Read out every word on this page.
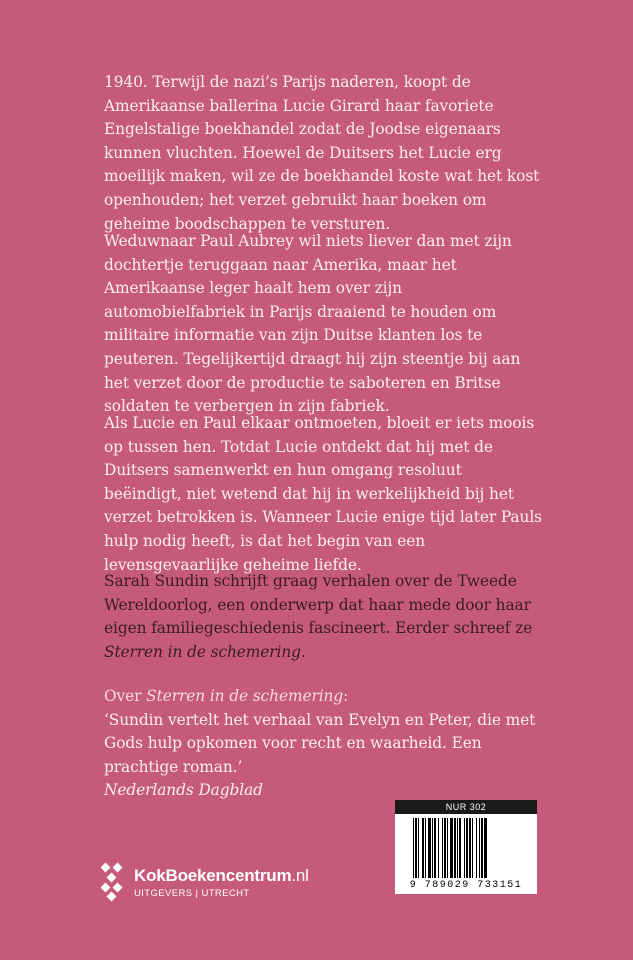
1940. Terwijl de nazi’s Parijs naderen, koopt de Amerikaanse ballerina Lucie Girard haar favoriete Engelstalige boekhandel zodat de Joodse eigenaars kunnen vluchten. Hoewel de Duitsers het Lucie erg moeilijk maken, wil ze de boekhandel koste wat het kost openhouden; het verzet gebruikt haar boeken om geheime boodschappen te versturen.
Weduwnaar Paul Aubrey wil niets liever dan met zijn dochtertje teruggaan naar Amerika, maar het Amerikaanse leger haalt hem over zijn automobielfabriek in Parijs draaiend te houden om militaire informatie van zijn Duitse klanten los te peuteren. Tegelijkertijd draagt hij zijn steentje bij aan het verzet door de productie te saboteren en Britse soldaten te verbergen in zijn fabriek.
Als Lucie en Paul elkaar ontmoeten, bloeit er iets moois op tussen hen. Totdat Lucie ontdekt dat hij met de Duitsers samenwerkt en hun omgang resoluut beëindigt, niet wetend dat hij in werkelijkheid bij het verzet betrokken is. Wanneer Lucie enige tijd later Pauls hulp nodig heeft, is dat het begin van een levensgevaarlijke geheime liefde.
Sarah Sundin schrijft graag verhalen over de Tweede Wereldoorlog, een onderwerp dat haar mede door haar eigen familiegeschiedenis fascineert. Eerder schreef ze Sterren in de schemering.
Over Sterren in de schemering:
‘Sundin vertelt het verhaal van Evelyn en Peter, die met Gods hulp opkomen voor recht en waarheid. Een prachtige roman.’
Nederlands Dagblad
NUR 302
9 789029 733151
KokBoekencentrum.nl
UITGEVERS | UTRECHT
